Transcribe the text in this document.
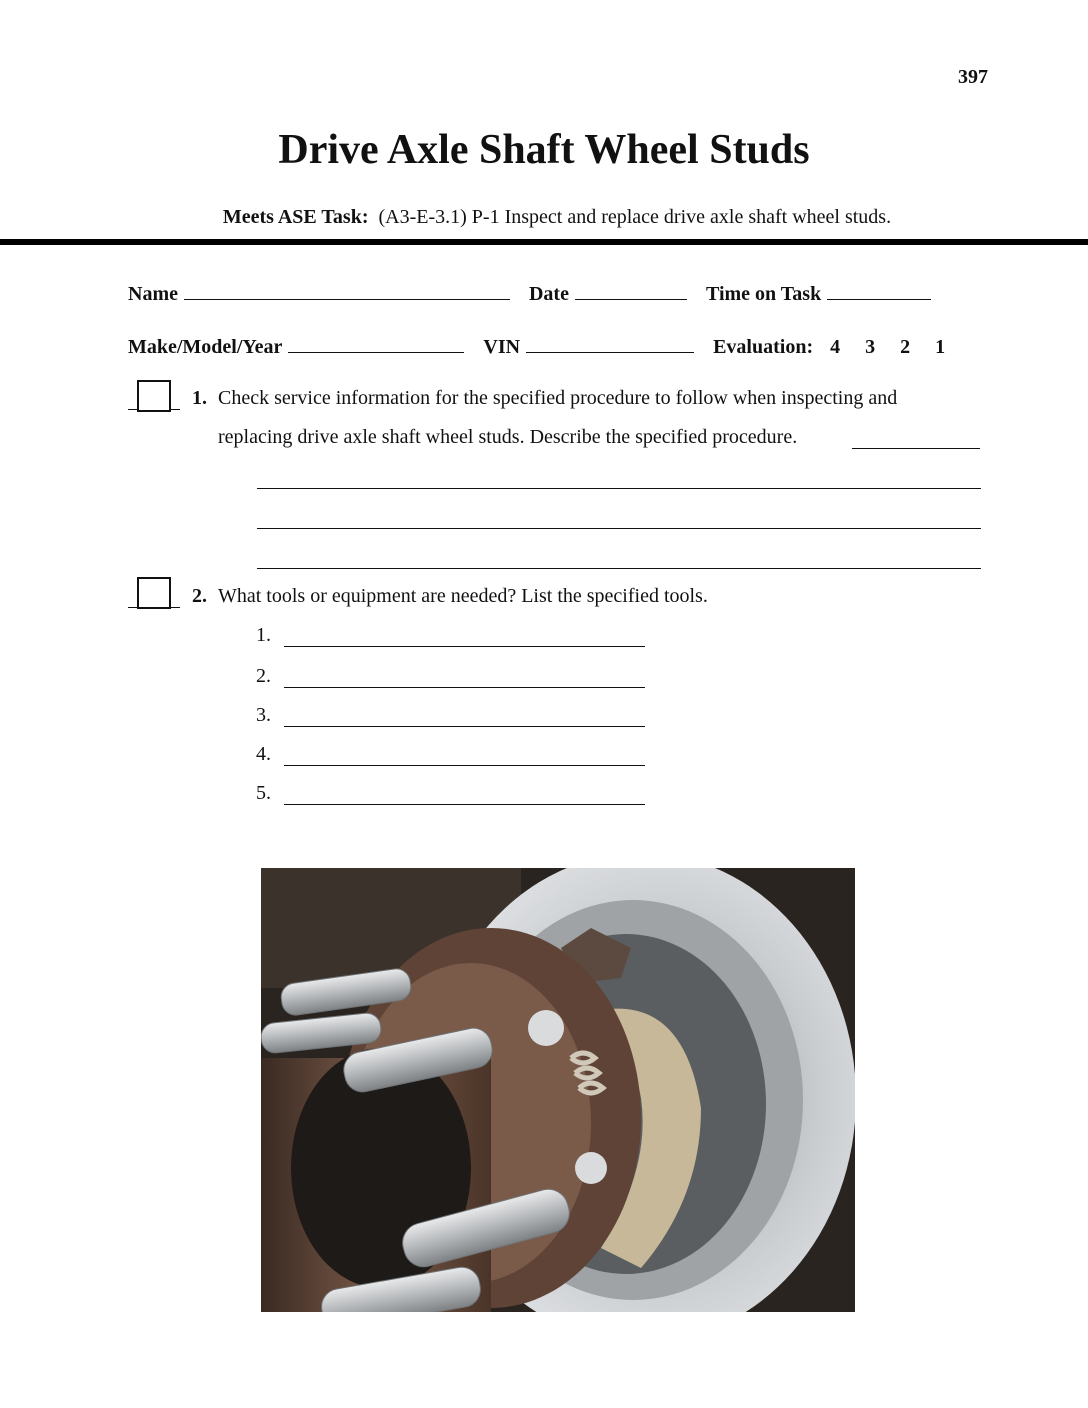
397
Drive Axle Shaft Wheel Studs
Meets ASE Task: (A3-E-3.1) P-1 Inspect and replace drive axle shaft wheel studs.
Name	Date	Time on Task
Make/Model/Year	VIN	Evaluation: 4 3 2 1
1. Check service information for the specified procedure to follow when inspecting and
replacing drive axle shaft wheel studs. Describe the specified procedure.
2. What tools or equipment are needed? List the specified tools.
1.
2.
3.
4.
5.
